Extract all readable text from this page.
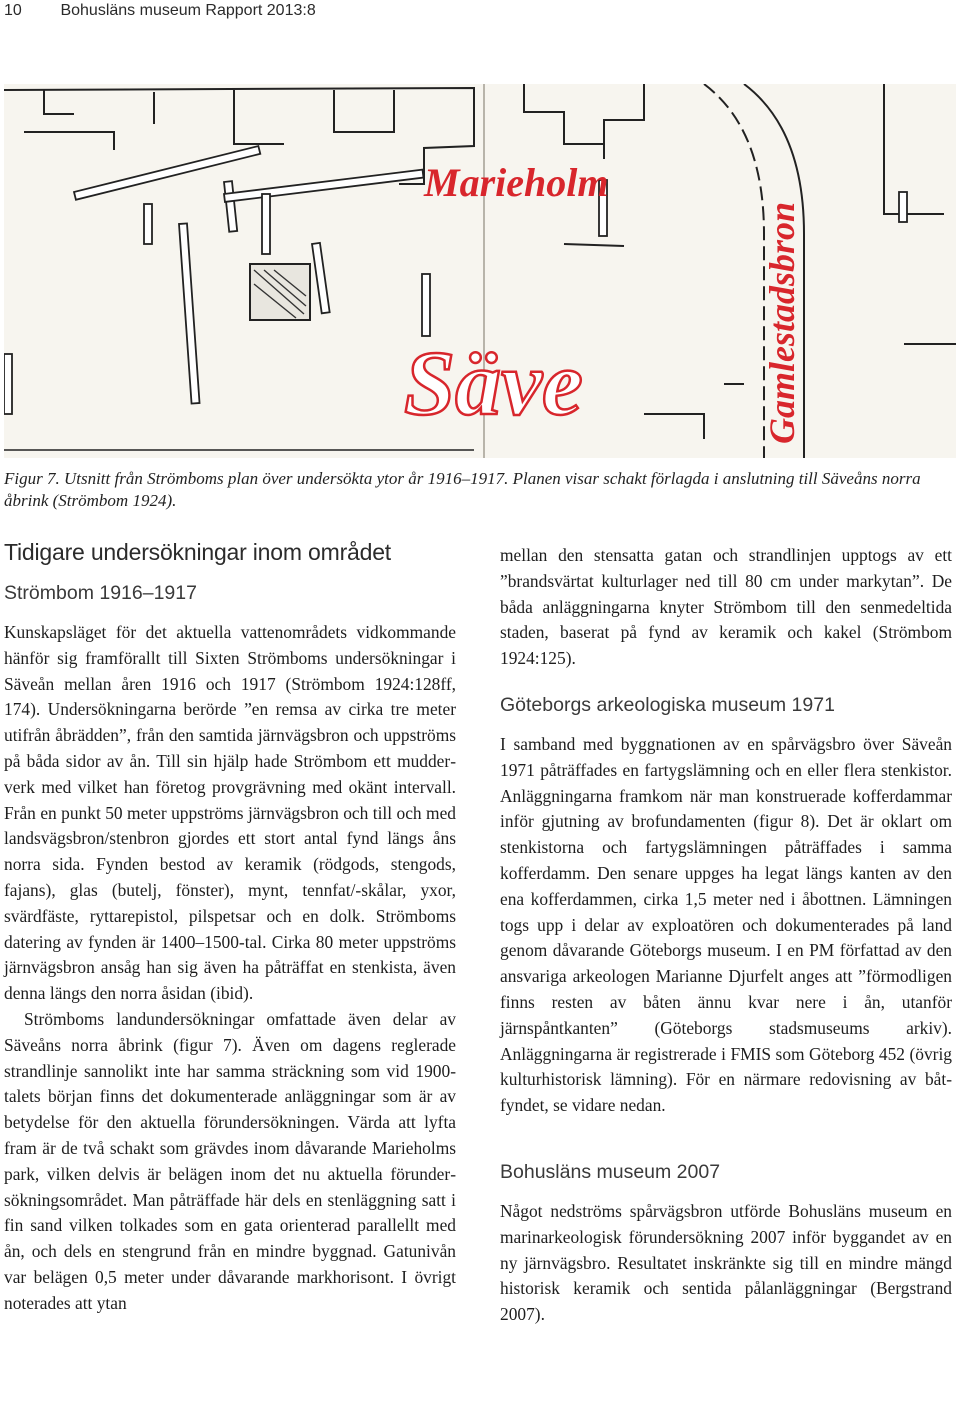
10 Bohusläns museum Rapport 2013:8
Marieholm
Säve	Gamlestadsbron
Figur 7. Utsnitt från Strömboms plan över undersökta ytor år 1916–1917. Planen visar schakt förlagda i anslutning till Säveåns norra åbrink (Strömbom 1924).
Tidigare undersökningar inom området
Strömbom 1916–1917

Kunskapsläget för det aktuella vattenområdets vidkommande hänför sig framförallt till Sixten Strömboms undersökningar i Säveån mellan åren 1916 och 1917 (Strömbom 1924:128ff, 174). Undersökningarna berörde ”en remsa av cirka tre meter utifrån åbrädden”, från den samtida järnvägsbron och uppströms på båda sidor av ån. Till sin hjälp hade Strömbom ett mudderverk med vilket han företog provgrävning med okänt intervall. Från en punkt 50 meter uppströms järnvägsbron och till och med landsvägsbron/stenbron gjordes ett stort antal fynd längs åns norra sida. Fynden bestod av keramik (rödgods, stengods, fajans), glas (butelj, fönster), mynt, tennfat/-skålar, yxor, svärdfäste, ryttarepistol, pilspetsar och en dolk. Strömboms datering av fynden är 1400–1500-tal. Cirka 80 meter uppströms järnvägsbron ansåg han sig även ha påträffat en stenkista, även denna längs den norra åsidan (ibid).

Strömboms landundersökningar omfattade även delar av Säveåns norra åbrink (figur 7). Även om dagens reglerade strandlinje sannolikt inte har samma sträckning som vid 1900-talets början finns det dokumenterade anläggningar som är av betydelse för den aktuella förundersökningen. Värda att lyfta fram är de två schakt som grävdes inom dåvarande Marieholms park, vilken delvis är belägen inom det nu aktuella förundersökningsområdet. Man påträffade här dels en stenläggning satt i fin sand vilken tolkades som en gata orienterad parallellt med ån, och dels en stengrund från en mindre byggnad. Gatunivån var belägen 0,5 meter under dåvarande markhorisont. I övrigt noterades att ytan

mellan den stensatta gatan och strandlinjen upptogs av ett ”brandsvärtat kulturlager ned till 80 cm under markytan”. De båda anläggningarna knyter Strömbom till den senmedeltida staden, baserat på fynd av keramik och kakel (Strömbom 1924:125).

Göteborgs arkeologiska museum 1971

I samband med byggnationen av en spårvägsbro över Säveån 1971 påträffades en fartygslämning och en eller flera stenkistor. Anläggningarna framkom när man konstruerade kofferdammar inför gjutning av brofundamenten (figur 8). Det är oklart om stenkistorna och fartygslämningen påträffades i samma kofferdamm. Den senare uppges ha legat längs kanten av den ena kofferdammen, cirka 1,5 meter ned i åbottnen. Lämningen togs upp i delar av exploatören och dokumenterades på land genom dåvarande Göteborgs museum. I en PM författad av den ansvariga arkeologen Marianne Djurfelt anges att ”förmodligen finns resten av båten ännu kvar nere i ån, utanför järnspåntkanten” (Göteborgs stadsmuseums arkiv). Anläggningarna är registrerade i FMIS som Göteborg 452 (övrig kulturhistorisk lämning). För en närmare redovisning av båtfyndet, se vidare nedan.

Bohusläns museum 2007

Något nedströms spårvägsbron utförde Bohusläns museum en marinarkeologisk förundersökning 2007 inför byggandet av en ny järnvägsbro. Resultatet inskränkte sig till en mindre mängd historisk keramik och sentida pålanläggningar (Bergstrand 2007).
